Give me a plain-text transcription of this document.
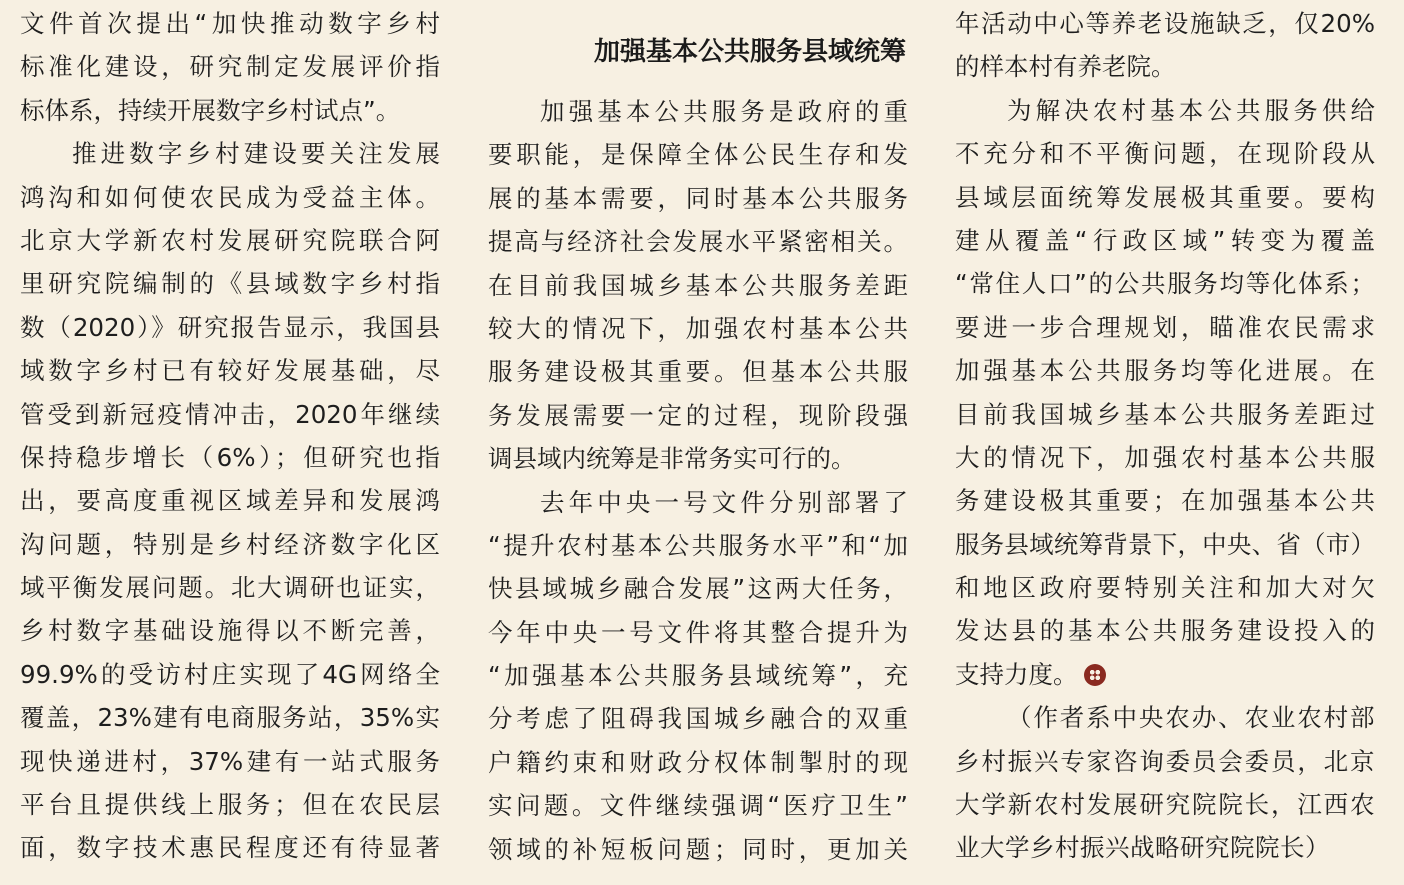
文件首次提出“加快推动数字乡村
标准化建设，研究制定发展评价指
标体系，持续开展数字乡村试点”。
推进数字乡村建设要关注发展
鸿沟和如何使农民成为受益主体。
北京大学新农村发展研究院联合阿
里研究院编制的《县域数字乡村指
数（2020）》研究报告显示，我国县
域数字乡村已有较好发展基础，尽
管受到新冠疫情冲击，2020年继续
保持稳步增长（6%）；但研究也指
出，要高度重视区域差异和发展鸿
沟问题，特别是乡村经济数字化区
域平衡发展问题。北大调研也证实，
乡村数字基础设施得以不断完善，
99.9%的受访村庄实现了4G网络全
覆盖，23%建有电商服务站，35%实
现快递进村，37%建有一站式服务
平台且提供线上服务；但在农民层
面，数字技术惠民程度还有待显著
加强基本公共服务县域统筹
加强基本公共服务是政府的重
要职能，是保障全体公民生存和发
展的基本需要，同时基本公共服务
提高与经济社会发展水平紧密相关。
在目前我国城乡基本公共服务差距
较大的情况下，加强农村基本公共
服务建设极其重要。但基本公共服
务发展需要一定的过程，现阶段强
调县域内统筹是非常务实可行的。
去年中央一号文件分别部署了
“提升农村基本公共服务水平”和“加
快县域城乡融合发展”这两大任务，
今年中央一号文件将其整合提升为
“加强基本公共服务县域统筹”，充
分考虑了阻碍我国城乡融合的双重
户籍约束和财政分权体制掣肘的现
实问题。文件继续强调“医疗卫生”
领域的补短板问题；同时，更加关
年活动中心等养老设施缺乏，仅20%
的样本村有养老院。
为解决农村基本公共服务供给
不充分和不平衡问题，在现阶段从
县域层面统筹发展极其重要。要构
建从覆盖“行政区域”转变为覆盖
“常住人口”的公共服务均等化体系；
要进一步合理规划，瞄准农民需求
加强基本公共服务均等化进展。在
目前我国城乡基本公共服务差距过
大的情况下，加强农村基本公共服
务建设极其重要；在加强基本公共
服务县域统筹背景下，中央、省（市）
和地区政府要特别关注和加大对欠
发达县的基本公共服务建设投入的
支持力度。
（作者系中央农办、农业农村部
乡村振兴专家咨询委员会委员，北京
大学新农村发展研究院院长，江西农
业大学乡村振兴战略研究院院长）
